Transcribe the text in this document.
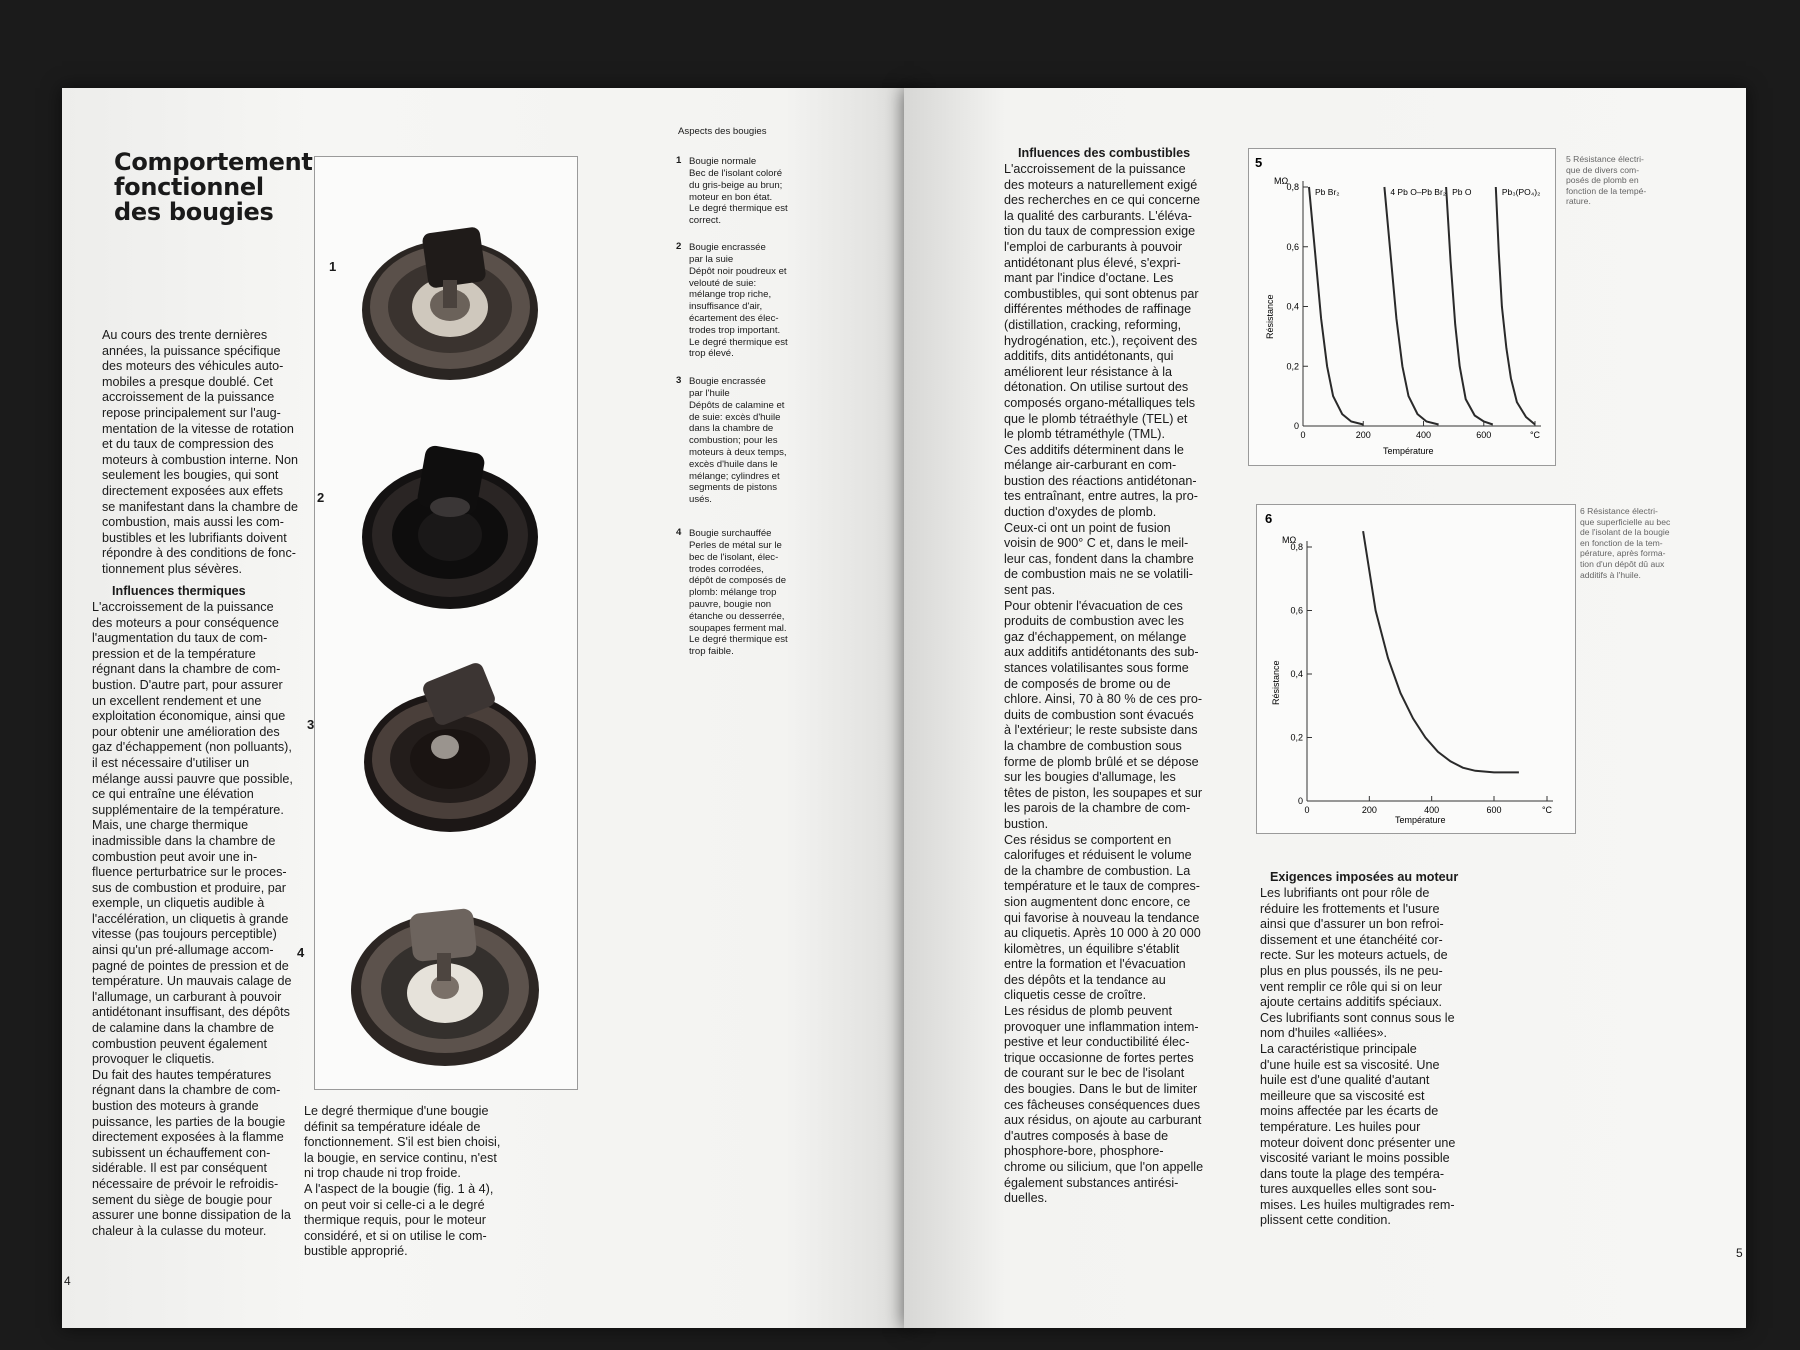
Comportement
fonctionnel
des bougies
Au cours des trente dernières
années, la puissance spécifique
des moteurs des véhicules auto-
mobiles a presque doublé. Cet
accroissement de la puissance
repose principalement sur l'aug-
mentation de la vitesse de rotation
et du taux de compression des
moteurs à combustion interne. Non
seulement les bougies, qui sont
directement exposées aux effets
se manifestant dans la chambre de
combustion, mais aussi les com-
bustibles et les lubrifiants doivent
répondre à des conditions de fonc-
tionnement plus sévères.
Influences thermiques
L'accroissement de la puissance
des moteurs a pour conséquence
l'augmentation du taux de com-
pression et de la température
régnant dans la chambre de com-
bustion. D'autre part, pour assurer
un excellent rendement et une
exploitation économique, ainsi que
pour obtenir une amélioration des
gaz d'échappement (non polluants),
il est nécessaire d'utiliser un
mélange aussi pauvre que possible,
ce qui entraîne une élévation
supplémentaire de la température.
Mais, une charge thermique
inadmissible dans la chambre de
combustion peut avoir une in-
fluence perturbatrice sur le proces-
sus de combustion et produire, par
exemple, un cliquetis audible à
l'accélération, un cliquetis à grande
vitesse (pas toujours perceptible)
ainsi qu'un pré-allumage accom-
pagné de pointes de pression et de
température. Un mauvais calage de
l'allumage, un carburant à pouvoir
antidétonant insuffisant, des dépôts
de calamine dans la chambre de
combustion peuvent également
provoquer le cliquetis.
Du fait des hautes températures
régnant dans la chambre de com-
bustion des moteurs à grande
puissance, les parties de la bougie
directement exposées à la flamme
subissent un échauffement con-
sidérable. Il est par conséquent
nécessaire de prévoir le refroidis-
sement du siège de bougie pour
assurer une bonne dissipation de la
chaleur à la culasse du moteur.
1
2
3
4
Aspects des bougies
1 Bougie normale
Bec de l'isolant coloré
du gris-beige au brun;
moteur en bon état.
Le degré thermique est
correct.
2 Bougie encrassée
par la suie
Dépôt noir poudreux et
velouté de suie:
mélange trop riche,
insuffisance d'air,
écartement des élec-
trodes trop important.
Le degré thermique est
trop élevé.
3 Bougie encrassée
par l'huile
Dépôts de calamine et
de suie: excès d'huile
dans la chambre de
combustion; pour les
moteurs à deux temps,
excès d'huile dans le
mélange; cylindres et
segments de pistons
usés.
4 Bougie surchauffée
Perles de métal sur le
bec de l'isolant, élec-
trodes corrodées,
dépôt de composés de
plomb: mélange trop
pauvre, bougie non
étanche ou desserrée,
soupapes ferment mal.
Le degré thermique est
trop faible.
Le degré thermique d'une bougie
définit sa température idéale de
fonctionnement. S'il est bien choisi,
la bougie, en service continu, n'est
ni trop chaude ni trop froide.
A l'aspect de la bougie (fig. 1 à 4),
on peut voir si celle-ci a le degré
thermique requis, pour le moteur
considéré, et si on utilise le com-
bustible approprié.
4
Influences des combustibles
L'accroissement de la puissance
des moteurs a naturellement exigé
des recherches en ce qui concerne
la qualité des carburants. L'éléva-
tion du taux de compression exige
l'emploi de carburants à pouvoir
antidétonant plus élevé, s'expri-
mant par l'indice d'octane. Les
combustibles, qui sont obtenus par
différentes méthodes de raffinage
(distillation, cracking, reforming,
hydrogénation, etc.), reçoivent des
additifs, dits antidétonants, qui
améliorent leur résistance à la
détonation. On utilise surtout des
composés organo-métalliques tels
que le plomb tétraéthyle (TEL) et
le plomb tétraméthyle (TML).
Ces additifs déterminent dans le
mélange air-carburant en com-
bustion des réactions antidétonan-
tes entraînant, entre autres, la pro-
duction d'oxydes de plomb.
Ceux-ci ont un point de fusion
voisin de 900° C et, dans le meil-
leur cas, fondent dans la chambre
de combustion mais ne se volatili-
sent pas.
Pour obtenir l'évacuation de ces
produits de combustion avec les
gaz d'échappement, on mélange
aux additifs antidétonants des sub-
stances volatilisantes sous forme
de composés de brome ou de
chlore. Ainsi, 70 à 80 % de ces pro-
duits de combustion sont évacués
à l'extérieur; le reste subsiste dans
la chambre de combustion sous
forme de plomb brûlé et se dépose
sur les bougies d'allumage, les
têtes de piston, les soupapes et sur
les parois de la chambre de com-
bustion.
Ces résidus se comportent en
calorifuges et réduisent le volume
de la chambre de combustion. La
température et le taux de compres-
sion augmentent donc encore, ce
qui favorise à nouveau la tendance
au cliquetis. Après 10 000 à 20 000
kilomètres, un équilibre s'établit
entre la formation et l'évacuation
des dépôts et la tendance au
cliquetis cesse de croître.
Les résidus de plomb peuvent
provoquer une inflammation intem-
pestive et leur conductibilité élec-
trique occasionne de fortes pertes
de courant sur le bec de l'isolant
des bougies. Dans le but de limiter
ces fâcheuses conséquences dues
aux résidus, on ajoute au carburant
d'autres composés à base de
phosphore-bore, phosphore-
chrome ou silicium, que l'on appelle
également substances antirési-
duelles.
5
MΩ
Température
Résistance
0
0,2
0,4
0,6
0,8
0	200	400	600	°C
Pb Br₂	4 Pb O–Pb Br₂ Pb O	Pb₃(PO₄)₂
5 Résistance électri-
que de divers com-
posés de plomb en
fonction de la tempé-
rature.
6
MΩ
Température
Résistance
0
0,2
0,4
0,6
0,8
0	200	400	600	°C
6 Résistance électri-
que superficielle au bec
de l'isolant de la bougie
en fonction de la tem-
pérature, après forma-
tion d'un dépôt dû aux
additifs à l'huile.
Exigences imposées au moteur
Les lubrifiants ont pour rôle de
réduire les frottements et l'usure
ainsi que d'assurer un bon refroi-
dissement et une étanchéité cor-
recte. Sur les moteurs actuels, de
plus en plus poussés, ils ne peu-
vent remplir ce rôle qui si on leur
ajoute certains additifs spéciaux.
Ces lubrifiants sont connus sous le
nom d'huiles «alliées».
La caractéristique principale
d'une huile est sa viscosité. Une
huile est d'une qualité d'autant
meilleure que sa viscosité est
moins affectée par les écarts de
température. Les huiles pour
moteur doivent donc présenter une
viscosité variant le moins possible
dans toute la plage des tempéra-
tures auxquelles elles sont sou-
mises. Les huiles multigrades rem-
plissent cette condition.
5
